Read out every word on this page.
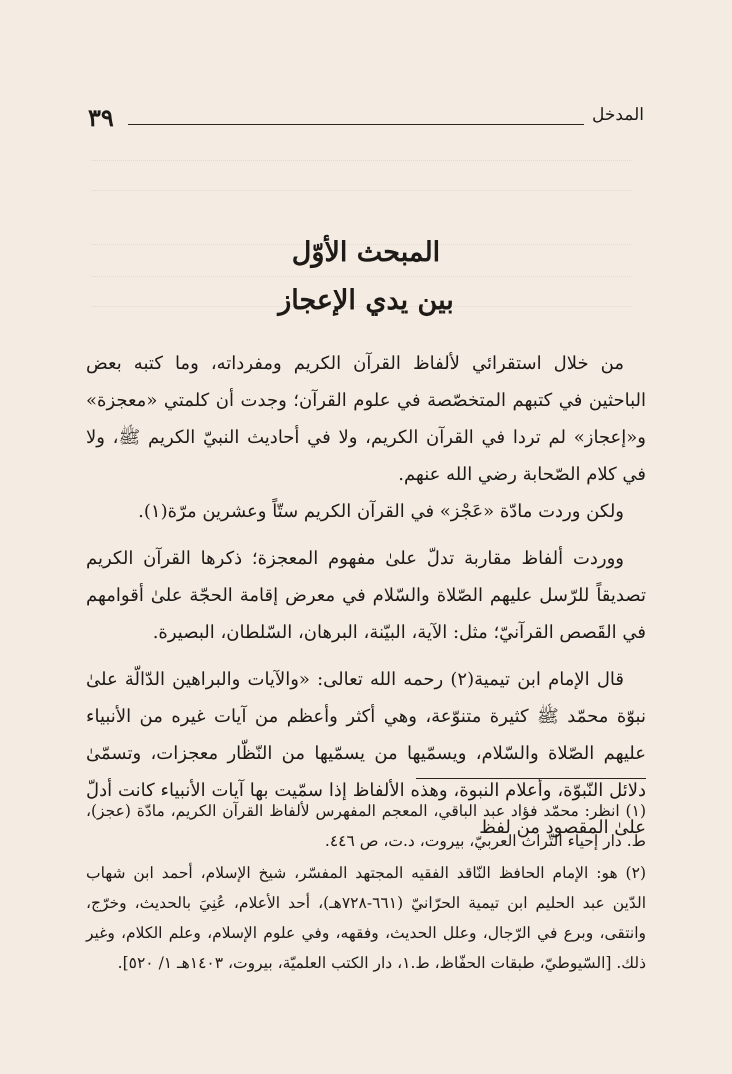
المدخل
٣٩
المبحث الأوّل
بين يدي الإعجاز

من خلال استقرائي لألفاظ القرآن الكريم ومفرداته، وما كتبه بعض الباحثين في كتبهم المتخصّصة في علوم القرآن؛ وجدت أن كلمتي «معجزة» و«إعجاز» لم تردا في القرآن الكريم، ولا في أحاديث النبيّ الكريم ﷺ، ولا في كلام الصّحابة رضي الله عنهم.

ولكن وردت مادّة «عَجْز» في القرآن الكريم ستّاً وعشرين مرّة(١).

ووردت ألفاظ مقاربة تدلّ علىٰ مفهوم المعجزة؛ ذكرها القرآن الكريم تصديقاً للرّسل عليهم الصّلاة والسّلام في معرض إقامة الحجّة علىٰ أقوامهم في القَصص القرآنيّ؛ مثل: الآية، البيّنة، البرهان، السّلطان، البصيرة.

قال الإمام ابن تيمية(٢) رحمه الله تعالى: «والآيات والبراهين الدّالّة علىٰ نبوّة محمّد ﷺ كثيرة متنوّعة، وهي أكثر وأعظم من آيات غيره من الأنبياء عليهم الصّلاة والسّلام، ويسمّيها من يسمّيها من النّظّار معجزات، وتسمّىٰ دلائل النّبوّة، وأعلام النبوة، وهذه الألفاظ إذا سمّيت بها آيات الأنبياء كانت أدلّ علىٰ المقصود من لفظ

(١) انظر: محمّد فؤاد عبد الباقي، المعجم المفهرس لألفاظ القرآن الكريم، مادّة (عجز)، ط. دار إحياء التّراث العربيّ، بيروت، د.ت، ص ٤٤٦.

(٢) هو: الإمام الحافظ النّاقد الفقيه المجتهد المفسّر، شيخ الإسلام، أحمد ابن شهاب الدّين عبد الحليم ابن تيمية الحرّانيّ (٦٦١-٧٢٨هـ)، أحد الأعلام، عُنِيَ بالحديث، وخرّج، وانتقى، وبرع في الرّجال، وعلل الحديث، وفقهه، وفي علوم الإسلام، وعلم الكلام، وغير ذلك. [السّيوطيّ، طبقات الحفّاظ، ط.١، دار الكتب العلميّة، بيروت، ١٤٠٣هـ ١/ ٥٢٠].
